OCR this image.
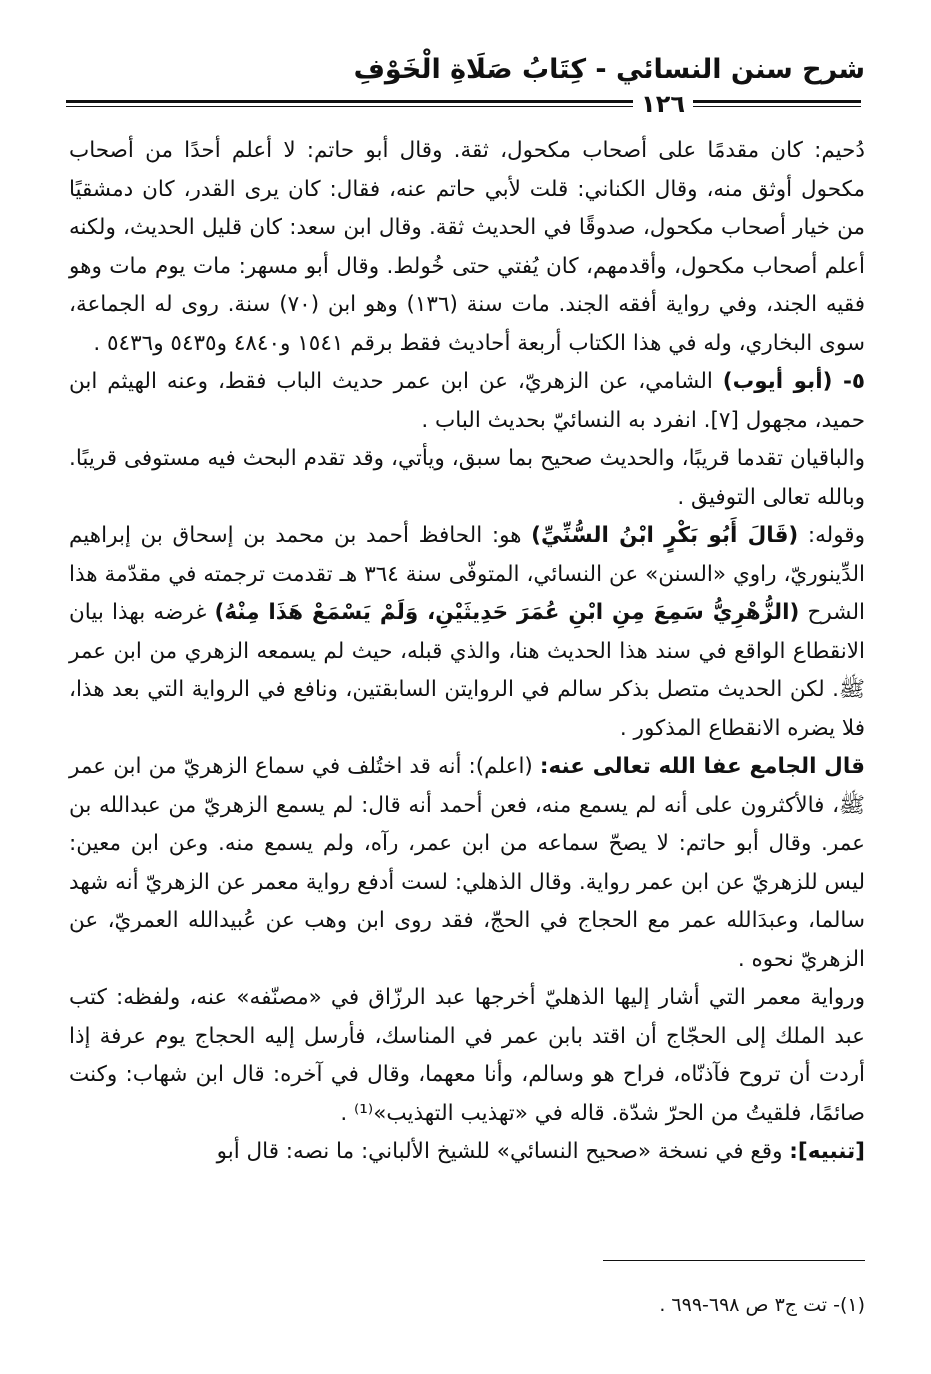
شرح سنن النسائي - كِتَابُ صَلَاةِ الْخَوْفِ
١٢٦

دُحيم: كان مقدمًا على أصحاب مكحول، ثقة. وقال أبو حاتم: لا أعلم أحدًا من أصحاب مكحول أوثق منه، وقال الكناني: قلت لأبي حاتم عنه، فقال: كان يرى القدر، كان دمشقيًا من خيار أصحاب مكحول، صدوقًا في الحديث ثقة. وقال ابن سعد: كان قليل الحديث، ولكنه أعلم أصحاب مكحول، وأقدمهم، كان يُفتي حتى خُولط. وقال أبو مسهر: مات يوم مات وهو فقيه الجند، وفي رواية أفقه الجند. مات سنة (١٣٦) وهو ابن (٧٠) سنة. روى له الجماعة، سوى البخاري، وله في هذا الكتاب أربعة أحاديث فقط برقم ١٥٤١ و٤٨٤٠ و٥٤٣٥ و٥٤٣٦ .

٥- (أبو أيوب) الشامي، عن الزهريّ، عن ابن عمر حديث الباب فقط، وعنه الهيثم ابن حميد، مجهول [٧]. انفرد به النسائيّ بحديث الباب .

والباقيان تقدما قريبًا، والحديث صحيح بما سبق، ويأتي، وقد تقدم البحث فيه مستوفى قريبًا. وبالله تعالى التوفيق .

وقوله: (قَالَ أَبُو بَكْرٍ ابْنُ السُّنِّيِّ) هو: الحافظ أحمد بن محمد بن إسحاق بن إبراهيم الدِّينوريّ، راوي «السنن» عن النسائي، المتوفّى سنة ٣٦٤ هـ تقدمت ترجمته في مقدّمة هذا الشرح (الزُّهْرِيُّ سَمِعَ مِنِ ابْنِ عُمَرَ حَدِيثَيْنِ، وَلَمْ يَسْمَعْ هَذَا مِنْهُ) غرضه بهذا بيان الانقطاع الواقع في سند هذا الحديث هنا، والذي قبله، حيث لم يسمعه الزهري من ابن عمر ﷺ. لكن الحديث متصل بذكر سالم في الروايتن السابقتين، ونافع في الرواية التي بعد هذا، فلا يضره الانقطاع المذكور .

قال الجامع عفا الله تعالى عنه: (اعلم): أنه قد اختُلف في سماع الزهريّ من ابن عمر ﷺ، فالأكثرون على أنه لم يسمع منه، فعن أحمد أنه قال: لم يسمع الزهريّ من عبدالله بن عمر. وقال أبو حاتم: لا يصحّ سماعه من ابن عمر، رآه، ولم يسمع منه. وعن ابن معين: ليس للزهريّ عن ابن عمر رواية. وقال الذهلي: لست أدفع رواية معمر عن الزهريّ أنه شهد سالما، وعبدَالله عمر مع الحجاج في الحجّ، فقد روى ابن وهب عن عُبيدالله العمريّ، عن الزهريّ نحوه .

ورواية معمر التي أشار إليها الذهليّ أخرجها عبد الرزّاق في «مصنّفه» عنه، ولفظه: كتب عبد الملك إلى الحجّاج أن اقتد بابن عمر في المناسك، فأرسل إليه الحجاج يوم عرفة إذا أردت أن تروح فآذنّاه، فراح هو وسالم، وأنا معهما، وقال في آخره: قال ابن شهاب: وكنت صائمًا، فلقيتُ من الحرّ شدّة. قاله في «تهذيب التهذيب»⁽¹⁾ .

[تنبيه]: وقع في نسخة «صحيح النسائي» للشيخ الألباني: ما نصه: قال أبو

(١)- تت ج٣ ص ٦٩٨-٦٩٩ .
